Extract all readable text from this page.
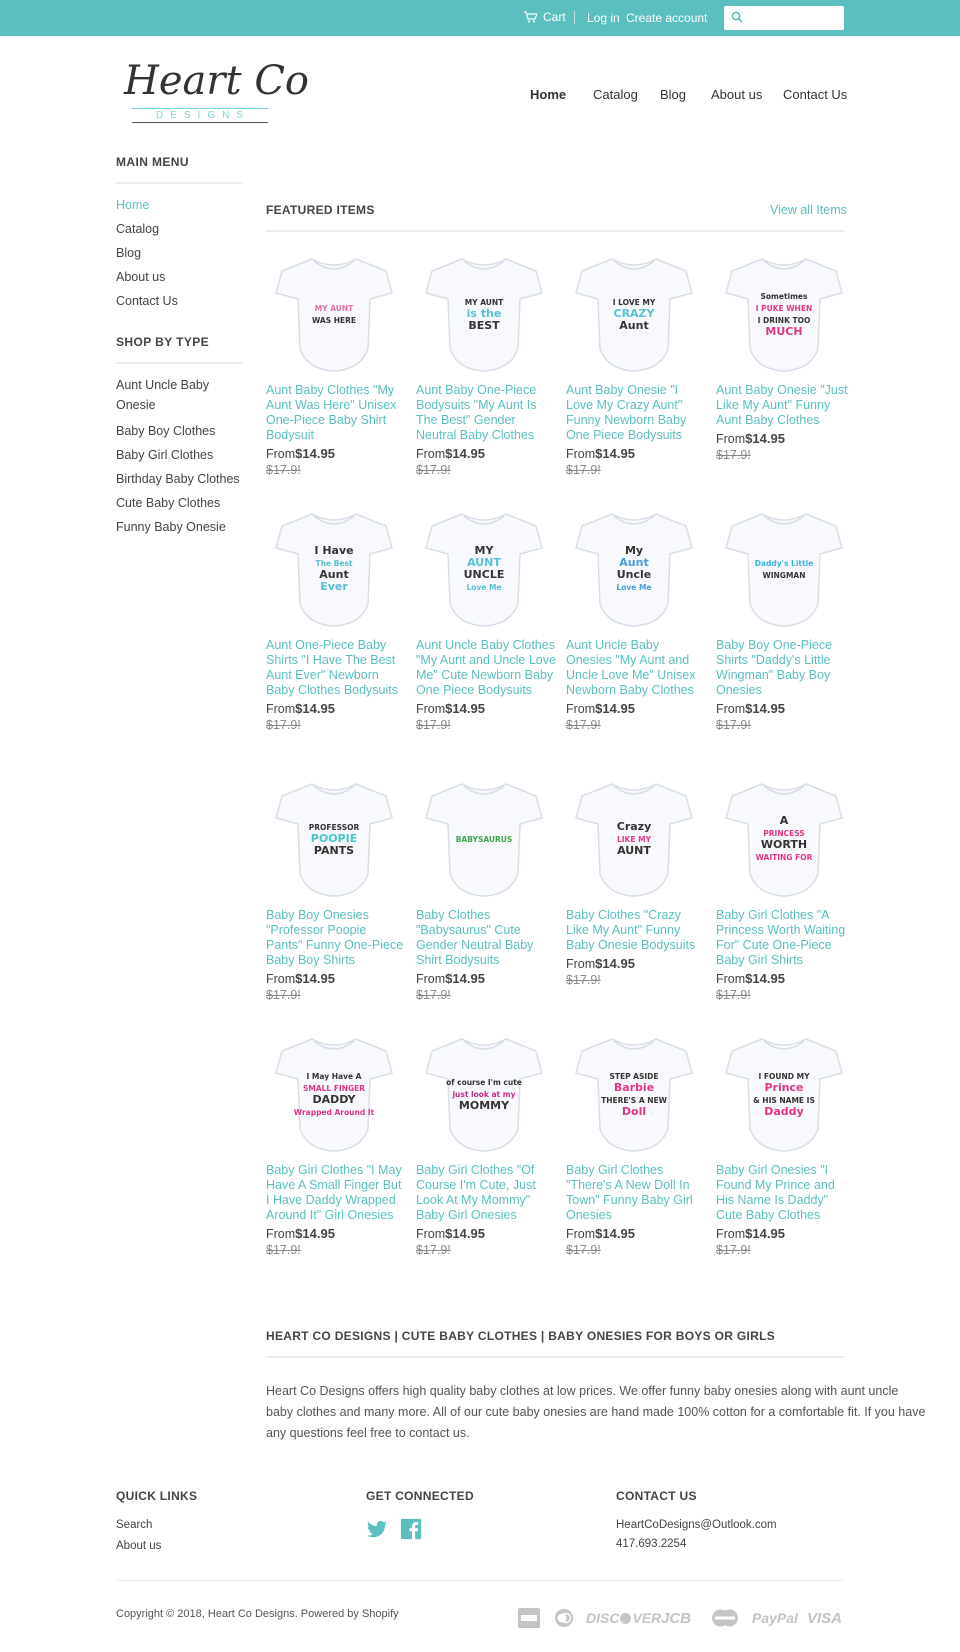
Cart Log in Create account
Heart Co
DESIGNS
Home Catalog Blog About us Contact Us
MAIN MENU
Home
Catalog
Blog
About us
Contact Us
SHOP BY TYPE
Aunt Uncle Baby Onesie
Baby Boy Clothes
Baby Girl Clothes
Birthday Baby Clothes
Cute Baby Clothes
Funny Baby Onesie
FEATURED ITEMS	View all Items
MY AUNT
WAS HERE
Aunt Baby Clothes "My Aunt Was Here" Unisex One-Piece Baby Shirt Bodysuit
From$14.95
$17.9!
MY AUNT
is the
BEST
Aunt Baby One-Piece Bodysuits "My Aunt Is The Best" Gender Neutral Baby Clothes
From$14.95
$17.9!
I LOVE MY
CRAZY
Aunt
Aunt Baby Onesie "I Love My Crazy Aunt" Funny Newborn Baby One Piece Bodysuits
From$14.95
$17.9!
Sometimes
I PUKE WHEN
I DRINK TOO
MUCH
Aunt Baby Onesie "Just Like My Aunt" Funny Aunt Baby Clothes
From$14.95
$17.9!
I Have
The Best
Aunt
Ever
Aunt One-Piece Baby Shirts "I Have The Best Aunt Ever" Newborn Baby Clothes Bodysuits
From$14.95
$17.9!
MY
AUNT
UNCLE
Love Me
Aunt Uncle Baby Clothes "My Aunt and Uncle Love Me" Cute Newborn Baby One Piece Bodysuits
From$14.95
$17.9!
My
Aunt
Uncle
Love Me
Aunt Uncle Baby Onesies "My Aunt and Uncle Love Me" Unisex Newborn Baby Clothes
From$14.95
$17.9!
Daddy's Little
WINGMAN
Baby Boy One-Piece Shirts "Daddy's Little Wingman" Baby Boy Onesies
From$14.95
$17.9!
PROFESSOR
POOPIE
PANTS
Baby Boy Onesies "Professor Poopie Pants" Funny One-Piece Baby Boy Shirts
From$14.95
$17.9!
BABYSAURUS
Baby Clothes "Babysaurus" Cute Gender Neutral Baby Shirt Bodysuits
From$14.95
$17.9!
Crazy
LIKE MY
AUNT
Baby Clothes "Crazy Like My Aunt" Funny Baby Onesie Bodysuits
From$14.95
$17.9!
A
PRINCESS
WORTH
WAITING FOR
Baby Girl Clothes "A Princess Worth Waiting For" Cute One-Piece Baby Girl Shirts
From$14.95
$17.9!
I May Have A
SMALL FINGER
DADDY
Wrapped Around It
Baby Girl Clothes "I May Have A Small Finger But I Have Daddy Wrapped Around It" Girl Onesies
From$14.95
$17.9!
of course I'm cute
just look at my
MOMMY
Baby Girl Clothes "Of Course I'm Cute, Just Look At My Mommy" Baby Girl Onesies
From$14.95
$17.9!
STEP ASIDE
Barbie
THERE'S A NEW
Doll
Baby Girl Clothes "There's A New Doll In Town" Funny Baby Girl Onesies
From$14.95
$17.9!
I FOUND MY
Prince
& HIS NAME IS
Daddy
Baby Girl Onesies "I Found My Prince and His Name Is Daddy" Cute Baby Clothes
From$14.95
$17.9!
HEART CO DESIGNS | CUTE BABY CLOTHES | BABY ONESIES FOR BOYS OR GIRLS

Heart Co Designs offers high quality baby clothes at low prices. We offer funny baby onesies along with aunt uncle baby clothes and many more. All of our cute baby onesies are hand made 100% cotton for a comfortable fit. If you have any questions feel free to contact us.

QUICK LINKS
Search
About us
GET CONNECTED	CONTACT US
HeartCoDesigns@Outlook.com
417.693.2254
Copyright © 2018, Heart Co Designs. Powered by Shopify	DISC VER JCB	PayPal VISA
